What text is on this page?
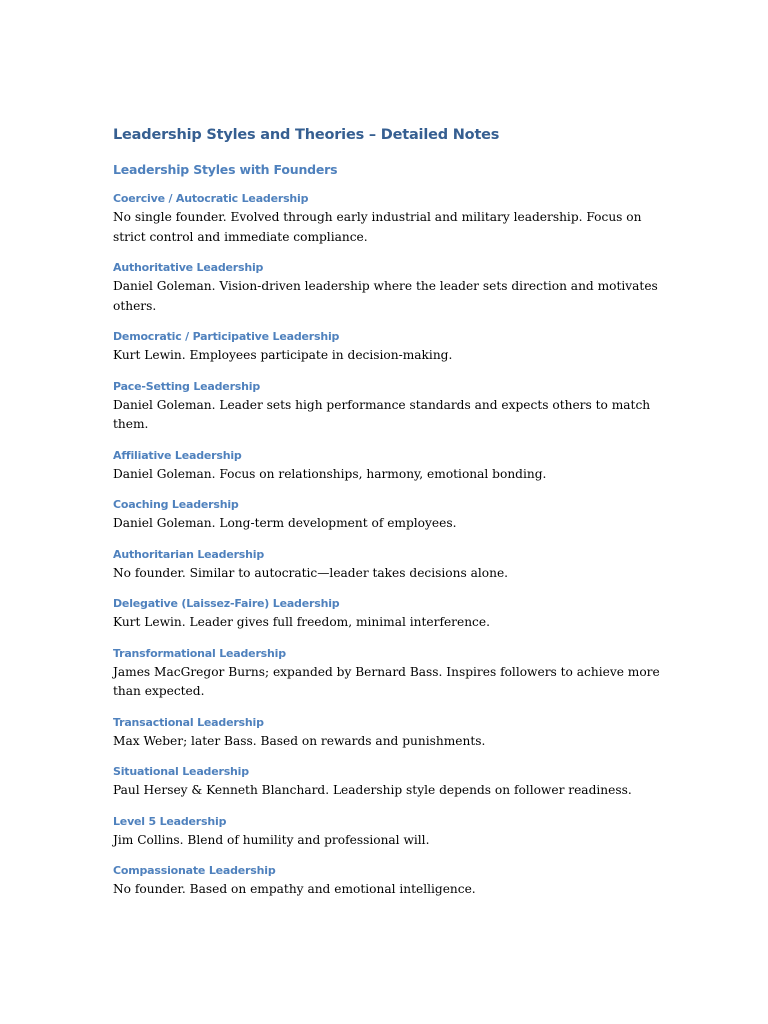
Leadership Styles and Theories – Detailed Notes
Leadership Styles with Founders
Coercive / Autocratic Leadership

No single founder. Evolved through early industrial and military leadership. Focus on strict control and immediate compliance.

Authoritative Leadership

Daniel Goleman. Vision-driven leadership where the leader sets direction and motivates others.

Democratic / Participative Leadership

Kurt Lewin. Employees participate in decision-making.

Pace-Setting Leadership

Daniel Goleman. Leader sets high performance standards and expects others to match them.

Affiliative Leadership

Daniel Goleman. Focus on relationships, harmony, emotional bonding.

Coaching Leadership

Daniel Goleman. Long-term development of employees.

Authoritarian Leadership

No founder. Similar to autocratic—leader takes decisions alone.

Delegative (Laissez-Faire) Leadership

Kurt Lewin. Leader gives full freedom, minimal interference.

Transformational Leadership

James MacGregor Burns; expanded by Bernard Bass. Inspires followers to achieve more than expected.

Transactional Leadership

Max Weber; later Bass. Based on rewards and punishments.

Situational Leadership

Paul Hersey & Kenneth Blanchard. Leadership style depends on follower readiness.

Level 5 Leadership

Jim Collins. Blend of humility and professional will.

Compassionate Leadership

No founder. Based on empathy and emotional intelligence.
